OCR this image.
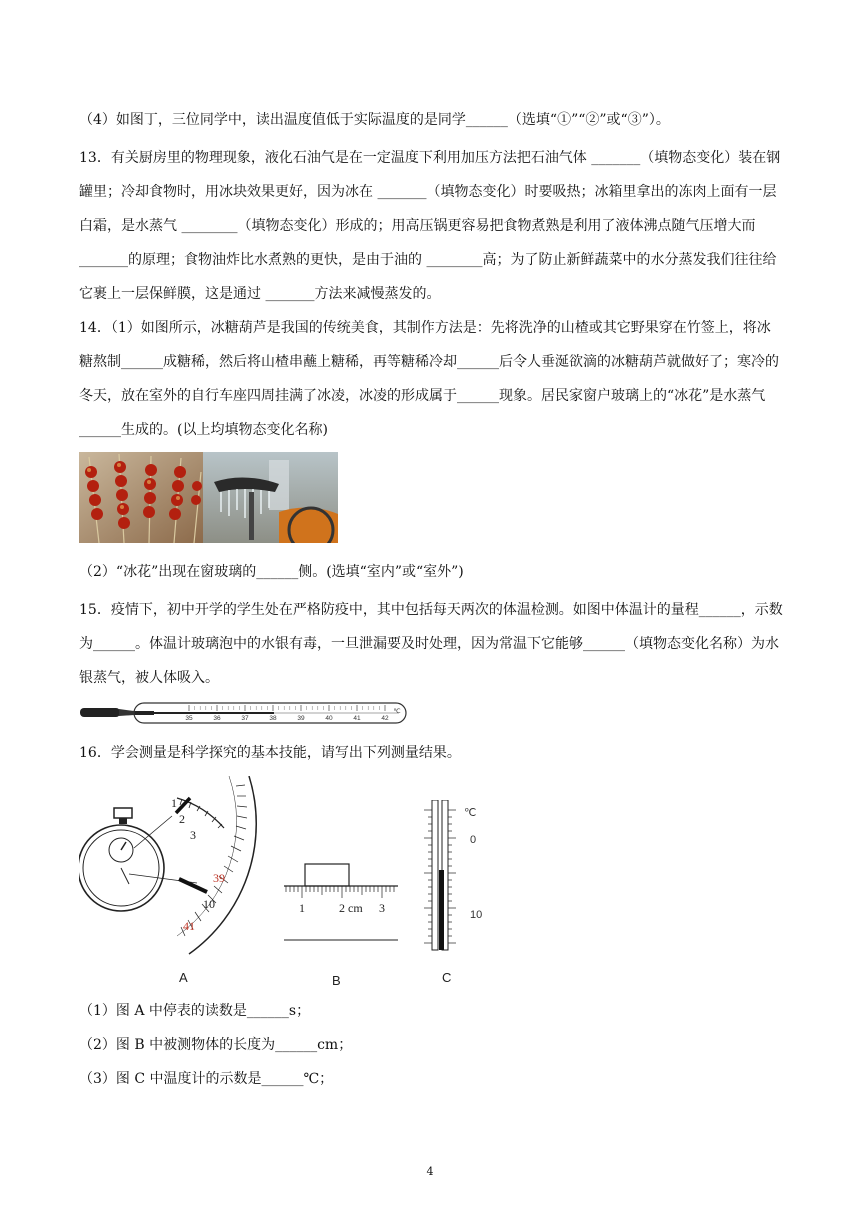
（4）如图丁，三位同学中，读出温度值低于实际温度的是同学______（选填“①”“②”或“③”）。

13．有关厨房里的物理现象，液化石油气是在一定温度下利用加压方法把石油气体 _______（填物态变化）装在钢罐里；冷却食物时，用冰块效果更好，因为冰在 _______（填物态变化）时要吸热；冰箱里拿出的冻肉上面有一层白霜，是水蒸气 ________（填物态变化）形成的；用高压锅更容易把食物煮熟是利用了液体沸点随气压增大而 _______的原理；食物油炸比水煮熟的更快，是由于油的 ________高；为了防止新鲜蔬菜中的水分蒸发我们往往给它裹上一层保鲜膜，这是通过 _______方法来减慢蒸发的。

14．（1）如图所示，冰糖葫芦是我国的传统美食，其制作方法是：先将洗净的山楂或其它野果穿在竹签上，将冰糖熬制______成糖稀，然后将山楂串蘸上糖稀，再等糖稀冷却______后令人垂涎欲滴的冰糖葫芦就做好了；寒冷的冬天，放在室外的自行车座四周挂满了冰凌，冰凌的形成属于______现象。居民家窗户玻璃上的“冰花”是水蒸气______生成的。(以上均填物态变化名称)

（2）“冰花”出现在窗玻璃的______侧。(选填“室内”或“室外”)

15．疫情下，初中开学的学生处在严格防疫中，其中包括每天两次的体温检测。如图中体温计的量程______，示数为______。体温计玻璃泡中的水银有毒，一旦泄漏要及时处理，因为常温下它能够______（填物态变化名称）为水银蒸气，被人体吸入。

35	36	37	38	39	40	41	42
℃
16．学会测量是科学探究的基本技能，请写出下列测量结果。
1
2
3
39
10
41
A
1	2 cm 3
B
℃
0
10
C
（1）图 A 中停表的读数是______s；
（2）图 B 中被测物体的长度为______cm；
（3）图 C 中温度计的示数是______℃；
4
